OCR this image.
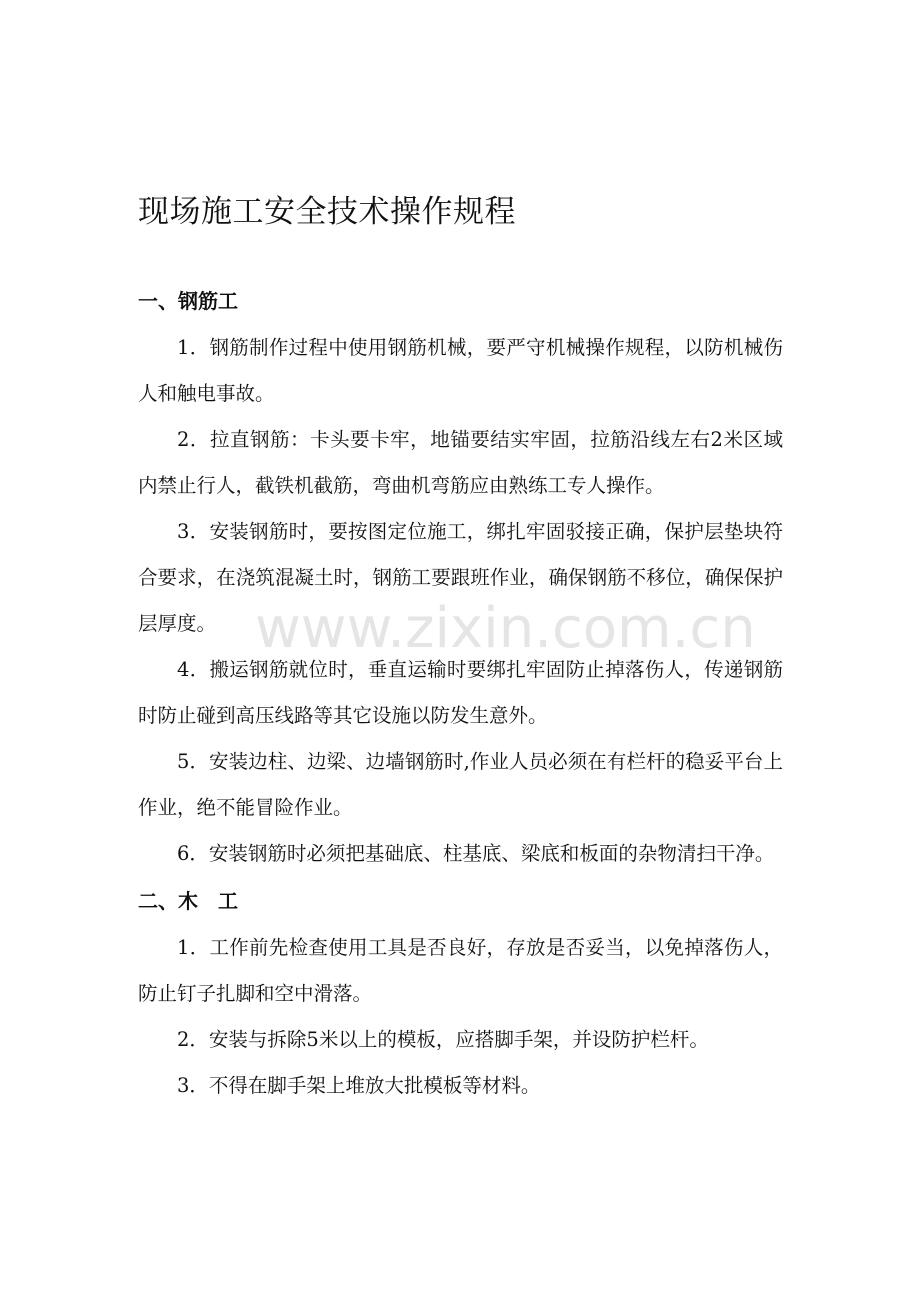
现场施工安全技术操作规程
一、钢筋工

1．钢筋制作过程中使用钢筋机械，要严守机械操作规程，以防机械伤人和触电事故。

2．拉直钢筋：卡头要卡牢，地锚要结实牢固，拉筋沿线左右2米区域内禁止行人，截铁机截筋，弯曲机弯筋应由熟练工专人操作。

3．安装钢筋时，要按图定位施工，绑扎牢固驳接正确，保护层垫块符合要求，在浇筑混凝土时，钢筋工要跟班作业，确保钢筋不移位，确保保护层厚度。

4．搬运钢筋就位时，垂直运输时要绑扎牢固防止掉落伤人，传递钢筋时防止碰到高压线路等其它设施以防发生意外。

5．安装边柱、边梁、边墙钢筋时,作业人员必须在有栏杆的稳妥平台上作业，绝不能冒险作业。

6．安装钢筋时必须把基础底、柱基底、梁底和板面的杂物清扫干净。

二、木　工

1．工作前先检查使用工具是否良好，存放是否妥当，以免掉落伤人，防止钉子扎脚和空中滑落。

2．安装与拆除5米以上的模板，应搭脚手架，并设防护栏杆。

3．不得在脚手架上堆放大批模板等材料。

www.zixin.com.cn
